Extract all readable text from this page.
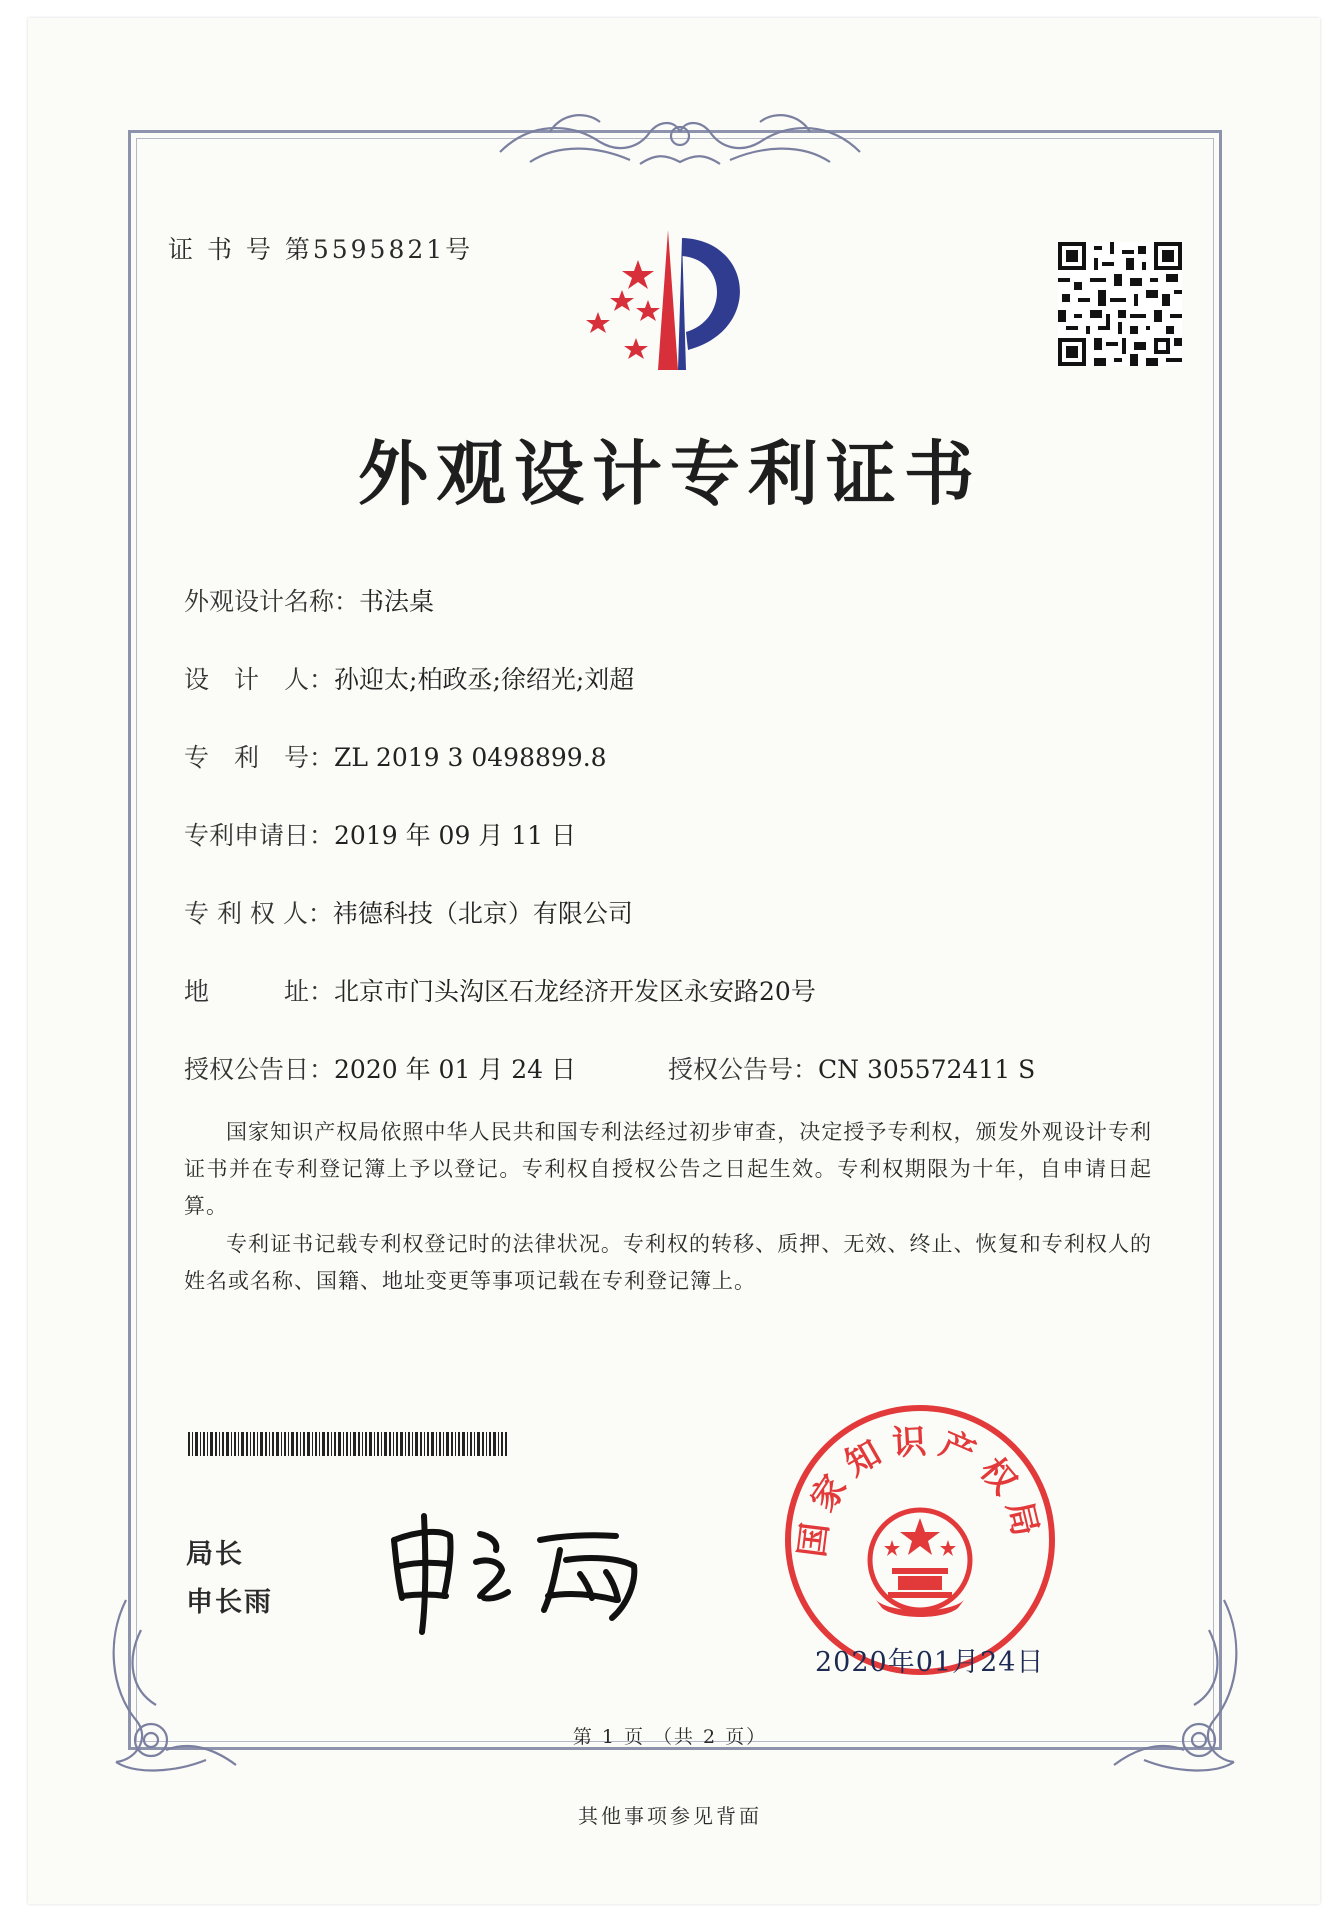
证 书 号 第5595821号
外观设计专利证书
外观设计名称：书法桌
设　计　人：孙迎太;柏政丞;徐绍光;刘超
专　利　号：ZL 2019 3 0498899.8
专利申请日：2019 年 09 月 11 日
专 利 权 人：祎德科技（北京）有限公司
地　　　址：北京市门头沟区石龙经济开发区永安路20号
授权公告日：2020 年 01 月 24 日	授权公告号：CN 305572411 S
国家知识产权局依照中华人民共和国专利法经过初步审查，决定授予专利权，颁发外观设计专利证书并在专利登记簿上予以登记。专利权自授权公告之日起生效。专利权期限为十年，自申请日起算。
专利证书记载专利权登记时的法律状况。专利权的转移、质押、无效、终止、恢复和专利权人的姓名或名称、国籍、地址变更等事项记载在专利登记簿上。
局长
申长雨
国家知识产权局
2020年01月24日
第 1 页 （共 2 页）
其他事项参见背面
